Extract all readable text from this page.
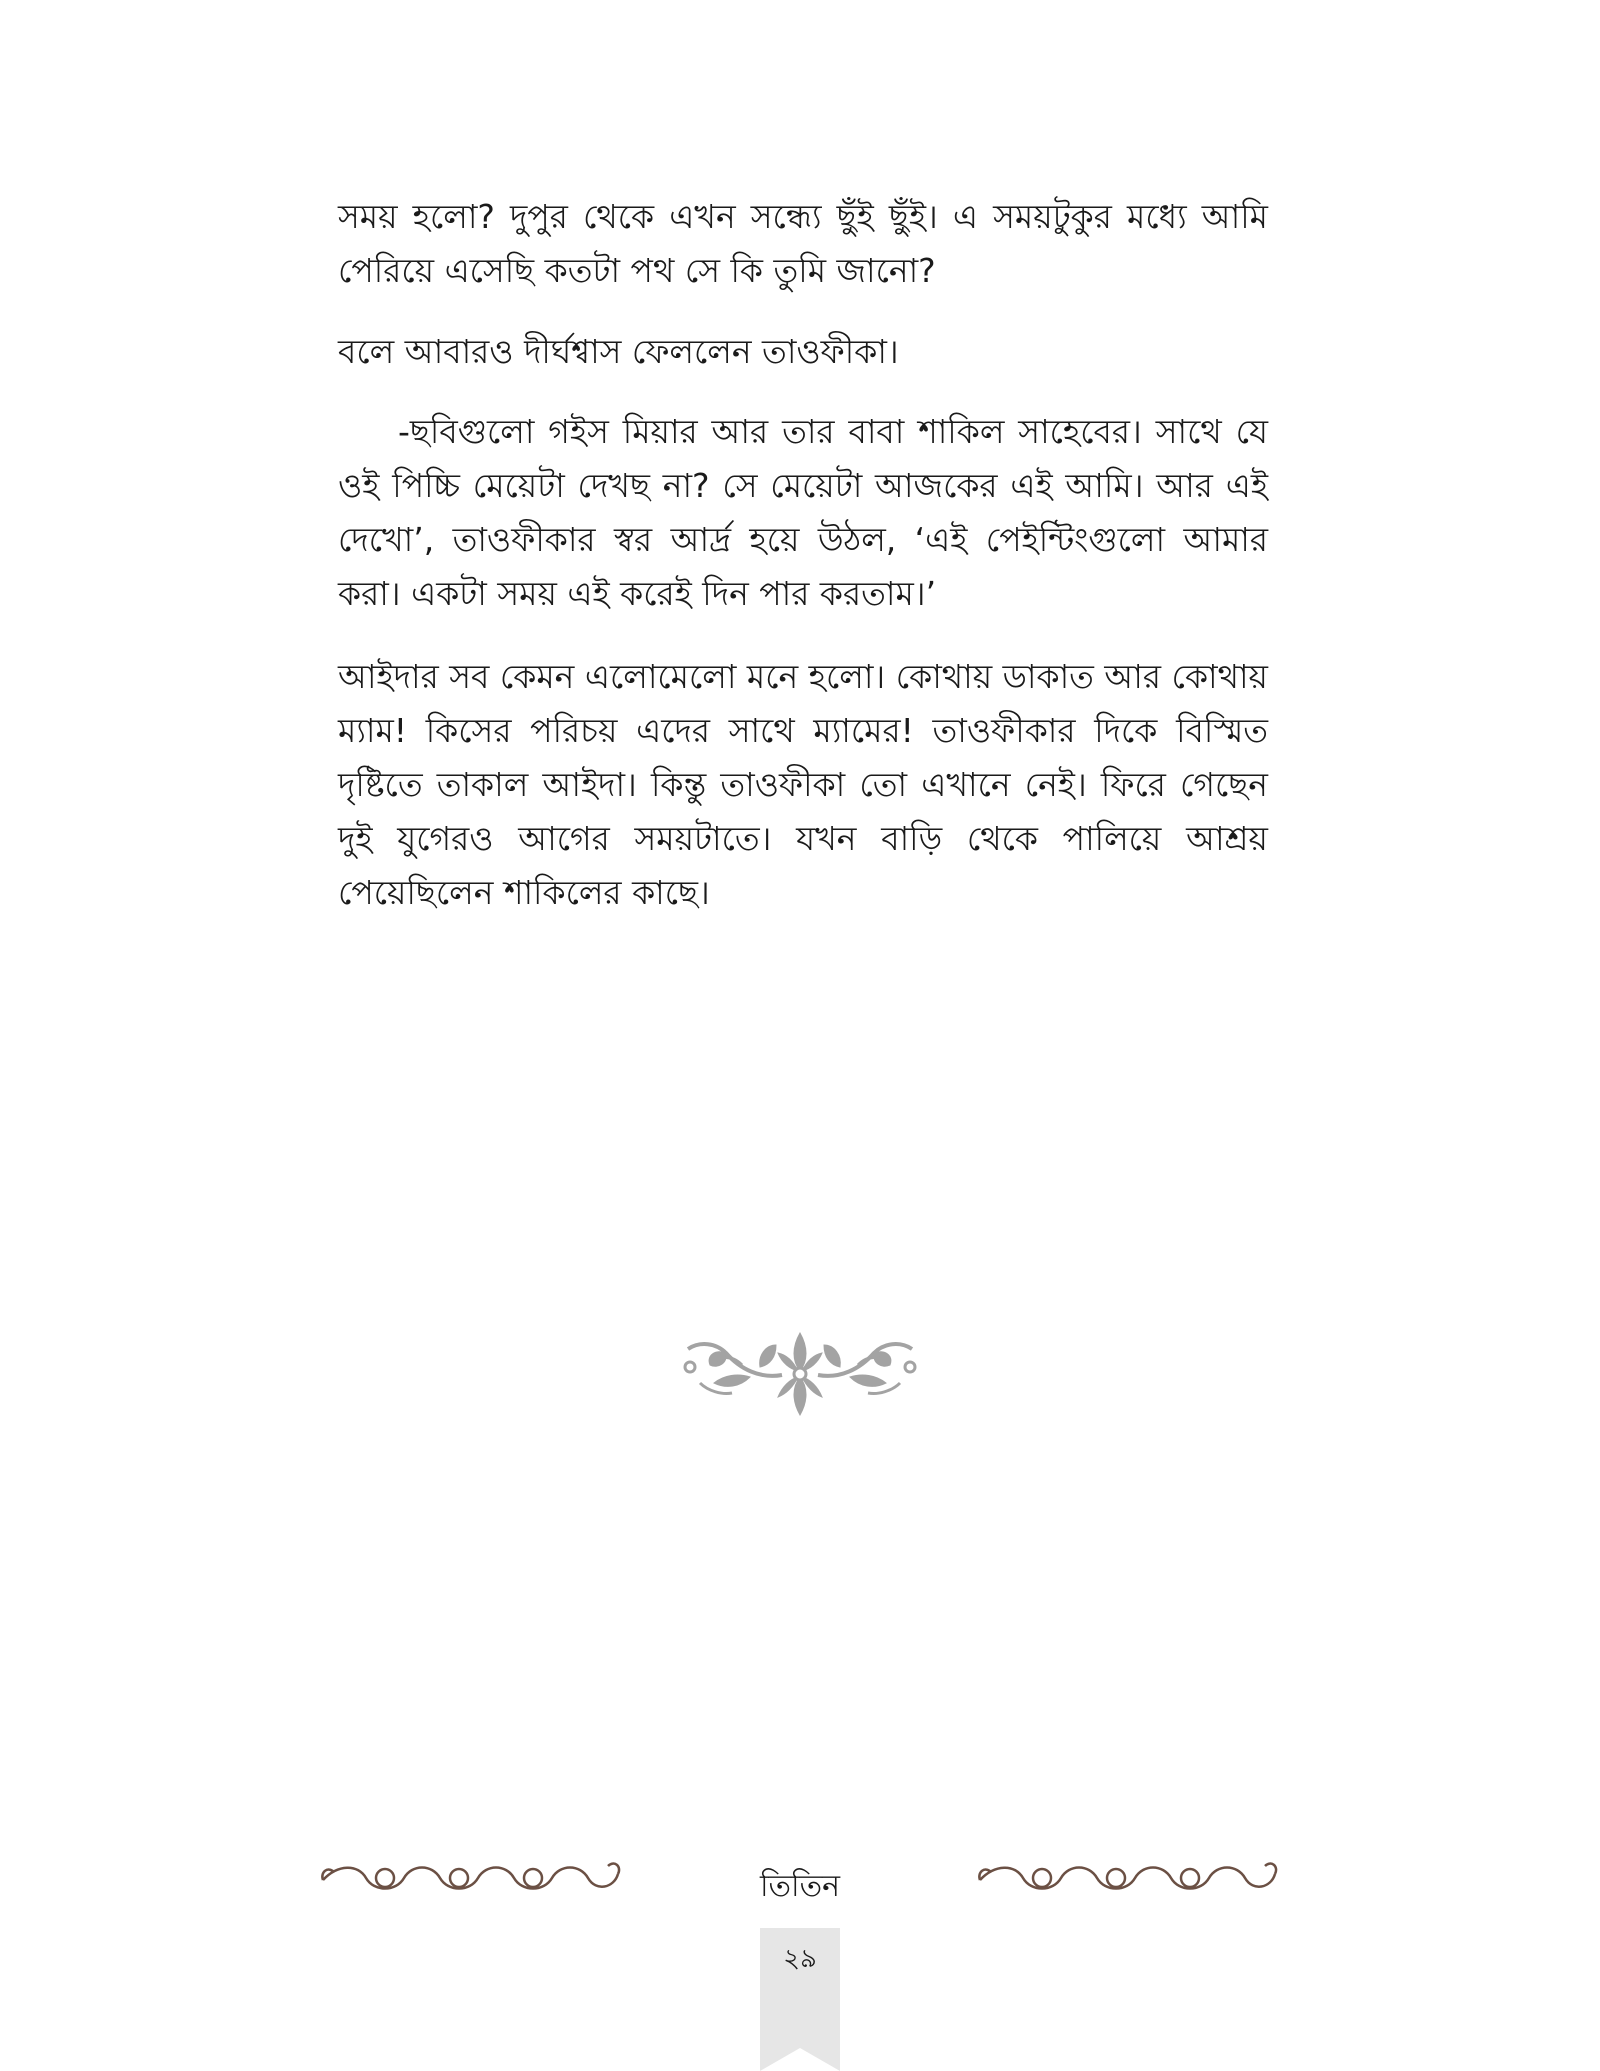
সময় হলো? দুপুর থেকে এখন সন্ধ্যে ছুঁই ছুঁই। এ সময়টুকুর মধ্যে আমি পেরিয়ে এসেছি কতটা পথ সে কি তুমি জানো?

বলে আবারও দীর্ঘশ্বাস ফেললেন তাওফীকা।

-ছবিগুলো গইস মিয়ার আর তার বাবা শাকিল সাহেবের। সাথে যে ওই পিচ্চি মেয়েটা দেখছ না? সে মেয়েটা আজকের এই আমি। আর এই দেখো’, তাওফীকার স্বর আর্দ্র হয়ে উঠল, ‘এই পেইন্টিংগুলো আমার করা। একটা সময় এই করেই দিন পার করতাম।’

আইদার সব কেমন এলোমেলো মনে হলো। কোথায় ডাকাত আর কোথায় ম্যাম! কিসের পরিচয় এদের সাথে ম্যামের! তাওফীকার দিকে বিস্মিত দৃষ্টিতে তাকাল আইদা। কিন্তু তাওফীকা তো এখানে নেই। ফিরে গেছেন দুই যুগেরও আগের সময়টাতে। যখন বাড়ি থেকে পালিয়ে আশ্রয় পেয়েছিলেন শাকিলের কাছে।

তিতিন
২৯
